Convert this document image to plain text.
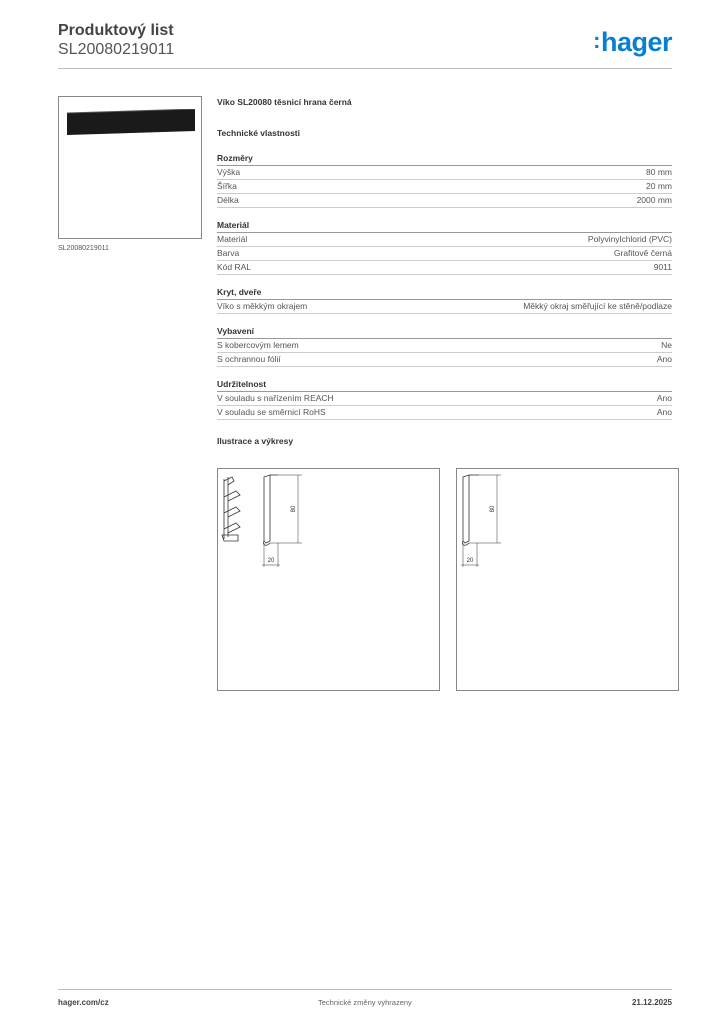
Produktový list
SL20080219011	:hager
SL20080219011
Víko SL20080 těsnicí hrana černá
Technické vlastnosti
Rozměry
Výška	80 mm
Šířka	20 mm
Délka	2000 mm
Materiál
Materiál	Polyvinylchlorid (PVC)
Barva	Grafitově černá
Kód RAL	9011
Kryt, dveře
Víko s měkkým okrajem	Měkký okraj směřující ke stěně/podlaze
Vybavení
S kobercovým lemem	Ne
S ochrannou fólií	Ano
Udržitelnost
V souladu s nařízením REACH	Ano
V souladu se směrnicí RoHS	Ano
Ilustrace a výkresy
80
20
80
20
hager.com/cz	Technické změny vyhrazeny	21.12.2025
